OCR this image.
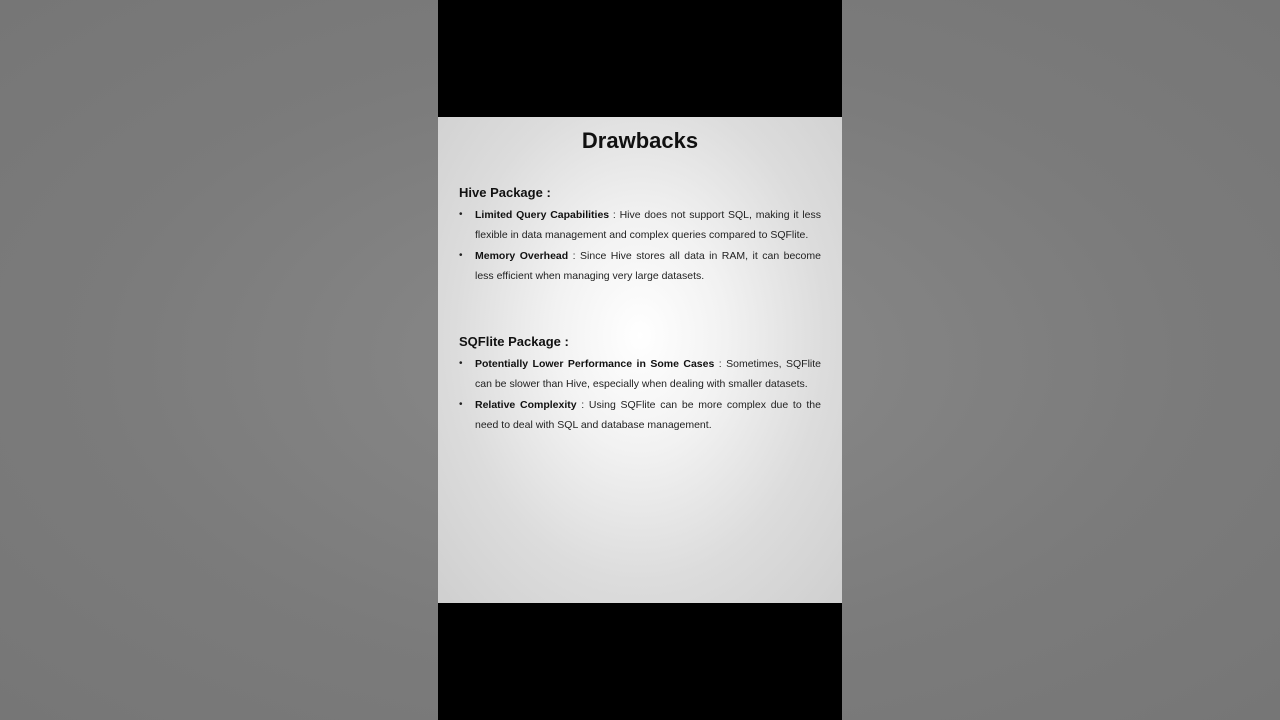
Drawbacks

Hive Package :

• Limited Query Capabilities : Hive does not support SQL, making it less flexible in data management and complex queries compared to SQFlite.
• Memory Overhead : Since Hive stores all data in RAM, it can become less efficient when managing very large datasets.

SQFlite Package :

• Potentially Lower Performance in Some Cases : Sometimes, SQFlite can be slower than Hive, especially when dealing with smaller datasets.
• Relative Complexity : Using SQFlite can be more complex due to the need to deal with SQL and database management.
